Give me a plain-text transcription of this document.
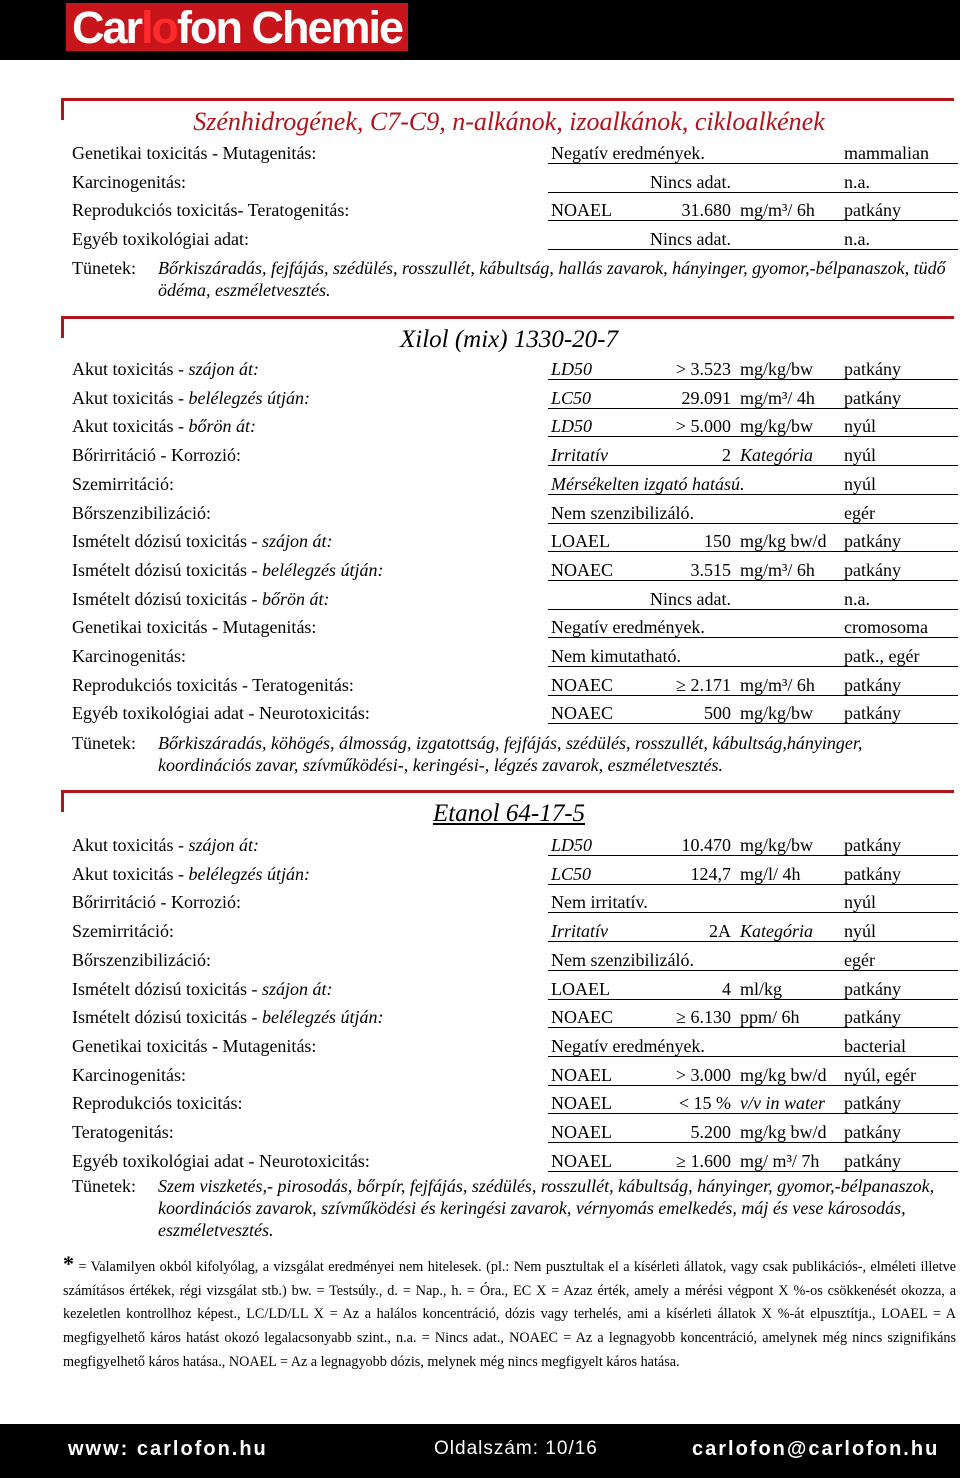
Car lo fon Chemie
Szénhidrogének, C7-C9, n-alkánok, izoalkánok, cikloalkének
Genetikai toxicitás - Mutagenitás:	Negatív eredmények.	mammalian
Karcinogenitás:	Nincs adat.	n.a.
Reprodukciós toxicitás- Teratogenitás:	NOAEL	31.680 mg/m³/ 6h patkány
Egyéb toxikológiai adat:	Nincs adat.	n.a.
Tünetek: Bőrkiszáradás, fejfájás, szédülés, rosszullét, kábultság, hallás zavarok, hányinger, gyomor,-bélpanaszok, tüdő ödéma, eszméletvesztés.
Xilol (mix) 1330-20-7
Akut toxicitás - szájon át:	LD50	> 3.523 mg/kg/bw patkány
Akut toxicitás - belélegzés útján:	LC50	29.091 mg/m³/ 4h patkány
Akut toxicitás - bőrön át:	LD50	> 5.000 mg/kg/bw nyúl
Bőrirritáció - Korrozió:	Irritatív	2 Kategória nyúl
Szemirritáció:	Mérsékelten izgató hatású.	nyúl
Bőrszenzibilizáció:	Nem szenzibilizáló.	egér
Ismételt dózisú toxicitás - szájon át:	LOAEL	150 mg/kg bw/d patkány
Ismételt dózisú toxicitás - belélegzés útján:	NOAEC	3.515 mg/m³/ 6h patkány
Ismételt dózisú toxicitás - bőrön át:	Nincs adat.	n.a.
Genetikai toxicitás - Mutagenitás:	Negatív eredmények.	cromosoma
Karcinogenitás:	Nem kimutatható.	patk., egér
Reprodukciós toxicitás - Teratogenitás:	NOAEC	≥ 2.171 mg/m³/ 6h patkány
Egyéb toxikológiai adat - Neurotoxicitás:	NOAEC	500 mg/kg/bw patkány
Tünetek: Bőrkiszáradás, köhögés, álmosság, izgatottság, fejfájás, szédülés, rosszullét, kábultság,hányinger, koordinációs zavar, szívműködési-, keringési-, légzés zavarok, eszméletvesztés.
Etanol 64-17-5
Akut toxicitás - szájon át:	LD50	10.470 mg/kg/bw patkány
Akut toxicitás - belélegzés útján:	LC50	124,7 mg/l/ 4h patkány
Bőrirritáció - Korrozió:	Nem irritatív.	nyúl
Szemirritáció:	Irritatív	2A Kategória nyúl
Bőrszenzibilizáció:	Nem szenzibilizáló.	egér
Ismételt dózisú toxicitás - szájon át:	LOAEL	4 ml/kg	patkány
Ismételt dózisú toxicitás - belélegzés útján:	NOAEC	≥ 6.130 ppm/ 6h patkány
Genetikai toxicitás - Mutagenitás:	Negatív eredmények.	bacterial
Karcinogenitás:	NOAEL	> 3.000 mg/kg bw/d nyúl, egér
Reprodukciós toxicitás:	NOAEL	< 15 % v/v in water patkány
Teratogenitás:	NOAEL	5.200 mg/kg bw/d patkány
Egyéb toxikológiai adat - Neurotoxicitás:	NOAEL	≥ 1.600 mg/ m³/ 7h patkány
Tünetek: Szem viszketés,- pirosodás, bőrpír, fejfájás, szédülés, rosszullét, kábultság, hányinger, gyomor,-bélpanaszok, koordinációs zavarok, szívműködési és keringési zavarok, vérnyomás emelkedés, máj és vese károsodás, eszméletvesztés.
* = Valamilyen okból kifolyólag, a vizsgálat eredményei nem hitelesek. (pl.: Nem pusztultak el a kísérleti állatok, vagy csak publikációs-, elméleti illetve számításos értékek, régi vizsgálat stb.) bw. = Testsúly., d. = Nap., h. = Óra., EC X = Azaz érték, amely a mérési végpont X %-os csökkenését okozza, a kezeletlen kontrollhoz képest., LC/LD/LL X = Az a halálos koncentráció, dózis vagy terhelés, ami a kísérleti állatok X %-át elpusztítja., LOAEL = A megfigyelhető káros hatást okozó legalacsonyabb szint., n.a. = Nincs adat., NOAEC = Az a legnagyobb koncentráció, amelynek még nincs szignifikáns megfigyelhető káros hatása., NOAEL = Az a legnagyobb dózis, melynek még nincs megfigyelt káros hatása.
www: carlofon.hu	Oldalszám: 10/16	carlofon@carlofon.hu
